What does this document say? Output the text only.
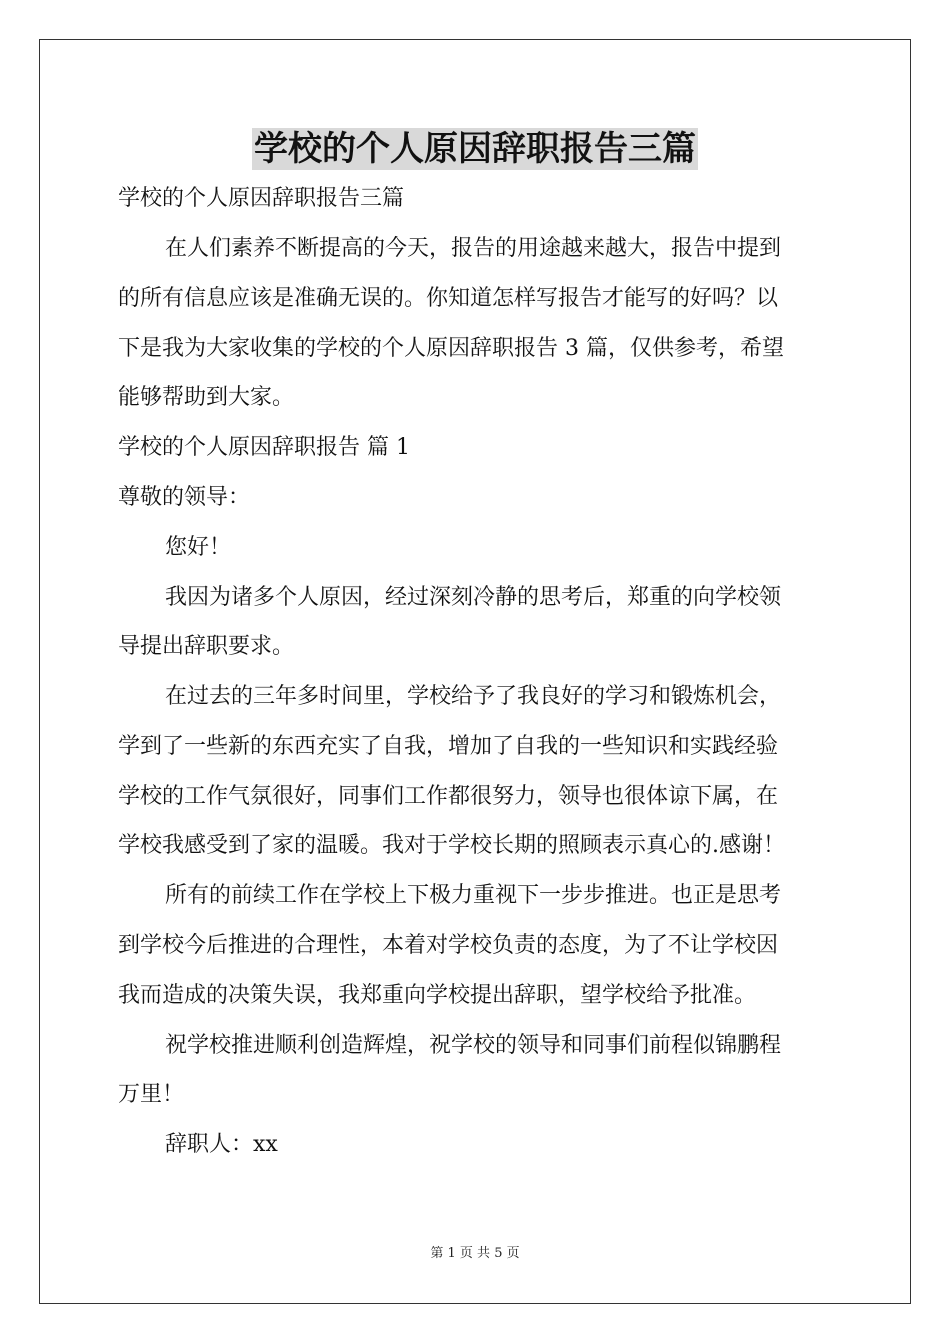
学校的个人原因辞职报告三篇
学校的个人原因辞职报告三篇
在人们素养不断提高的今天，报告的用途越来越大，报告中提到
的所有信息应该是准确无误的。你知道怎样写报告才能写的好吗？以
下是我为大家收集的学校的个人原因辞职报告 3 篇，仅供参考，希望
能够帮助到大家。
学校的个人原因辞职报告 篇 1
尊敬的领导：
您好！
我因为诸多个人原因，经过深刻冷静的思考后，郑重的向学校领
导提出辞职要求。
在过去的三年多时间里，学校给予了我良好的学习和锻炼机会，
学到了一些新的东西充实了自我，增加了自我的一些知识和实践经验
学校的工作气氛很好，同事们工作都很努力，领导也很体谅下属，在
学校我感受到了家的温暖。我对于学校长期的照顾表示真心的.感谢！
所有的前续工作在学校上下极力重视下一步步推进。也正是思考
到学校今后推进的合理性，本着对学校负责的态度，为了不让学校因
我而造成的决策失误，我郑重向学校提出辞职，望学校给予批准。
祝学校推进顺利创造辉煌，祝学校的领导和同事们前程似锦鹏程
万里！
辞职人：xx
第 1 页 共 5 页
